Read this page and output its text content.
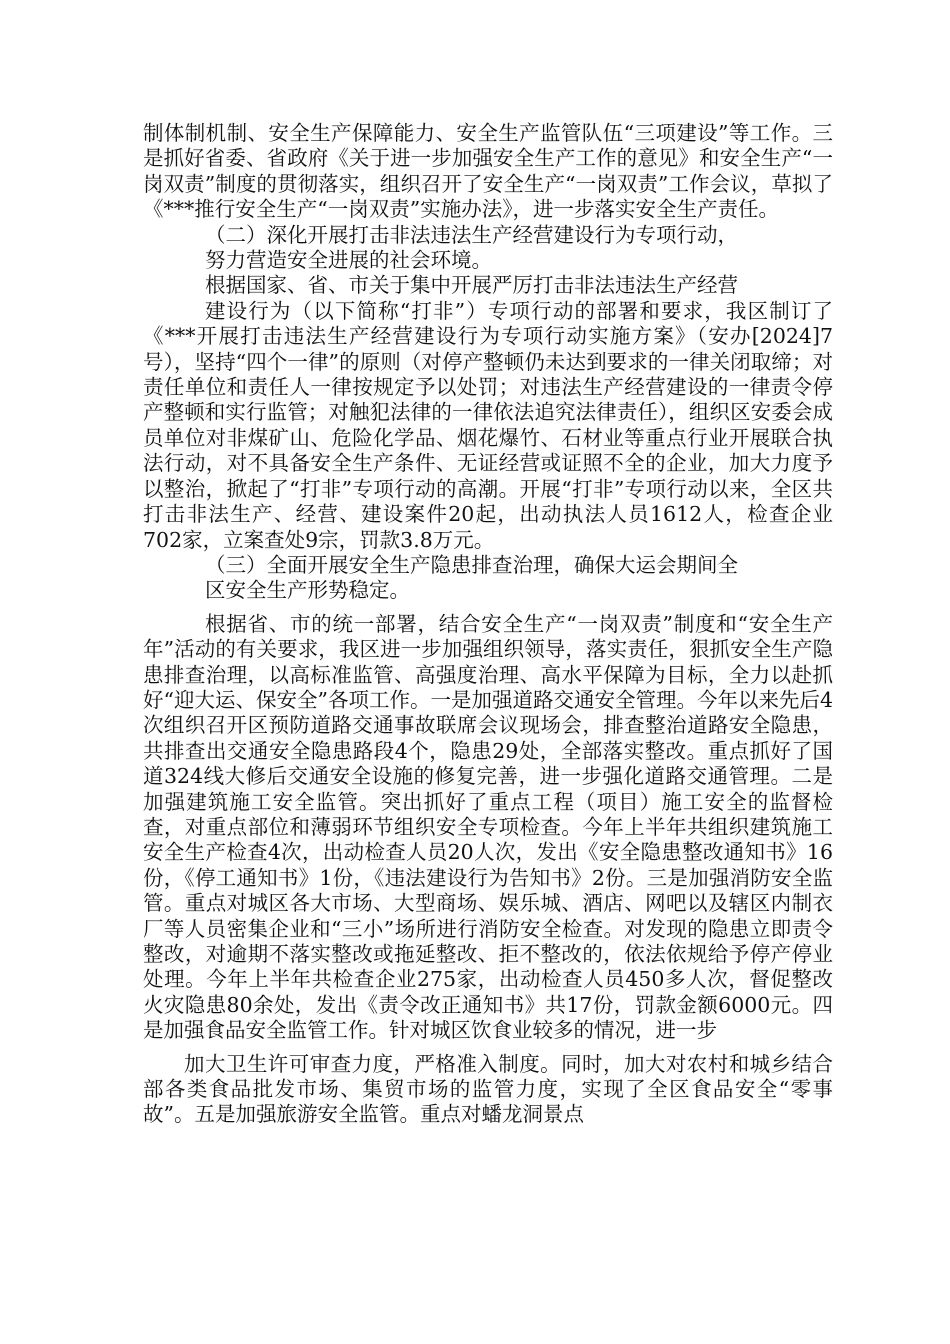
制体制机制、安全生产保障能力、安全生产监管队伍“三项建设”等工作。三是抓好省委、省政府《关于进一步加强安全生产工作的意见》和安全生产“一岗双责”制度的贯彻落实，组织召开了安全生产“一岗双责”工作会议，草拟了《***推行安全生产“一岗双责”实施办法》，进一步落实安全生产责任。

（二）深化开展打击非法违法生产经营建设行为专项行动，

努力营造安全进展的社会环境。

根据国家、省、市关于集中开展严厉打击非法违法生产经营

建设行为（以下简称“打非”）专项行动的部署和要求，我区制订了《***开展打击违法生产经营建设行为专项行动实施方案》（安办[2024]7号），坚持“四个一律”的原则（对停产整顿仍未达到要求的一律关闭取缔；对责任单位和责任人一律按规定予以处罚；对违法生产经营建设的一律责令停产整顿和实行监管；对触犯法律的一律依法追究法律责任），组织区安委会成员单位对非煤矿山、危险化学品、烟花爆竹、石材业等重点行业开展联合执法行动，对不具备安全生产条件、无证经营或证照不全的企业，加大力度予以整治，掀起了“打非”专项行动的高潮。开展“打非”专项行动以来，全区共打击非法生产、经营、建设案件20起，出动执法人员1612人，检查企业702家，立案查处9宗，罚款3.8万元。

（三）全面开展安全生产隐患排查治理，确保大运会期间全

区安全生产形势稳定。

根据省、市的统一部署，结合安全生产“一岗双责”制度和“安全生产年”活动的有关要求，我区进一步加强组织领导，落实责任，狠抓安全生产隐患排查治理，以高标准监管、高强度治理、高水平保障为目标，全力以赴抓好“迎大运、保安全”各项工作。一是加强道路交通安全管理。今年以来先后4次组织召开区预防道路交通事故联席会议现场会，排查整治道路安全隐患，共排查出交通安全隐患路段4个，隐患29处，全部落实整改。重点抓好了国道324线大修后交通安全设施的修复完善，进一步强化道路交通管理。二是加强建筑施工安全监管。突出抓好了重点工程（项目）施工安全的监督检查，对重点部位和薄弱环节组织安全专项检查。今年上半年共组织建筑施工安全生产检查4次，出动检查人员20人次，发出《安全隐患整改通知书》16份，《停工通知书》1份，《违法建设行为告知书》2份。三是加强消防安全监管。重点对城区各大市场、大型商场、娱乐城、酒店、网吧以及辖区内制衣厂等人员密集企业和“三小”场所进行消防安全检查。对发现的隐患立即责令整改，对逾期不落实整改或拖延整改、拒不整改的，依法依规给予停产停业处理。今年上半年共检查企业275家，出动检查人员450多人次，督促整改火灾隐患80余处，发出《责令改正通知书》共17份，罚款金额6000元。四是加强食品安全监管工作。针对城区饮食业较多的情况，进一步

加大卫生许可审查力度，严格准入制度。同时，加大对农村和城乡结合部各类食品批发市场、集贸市场的监管力度，实现了全区食品安全“零事故”。五是加强旅游安全监管。重点对蟠龙洞景点
